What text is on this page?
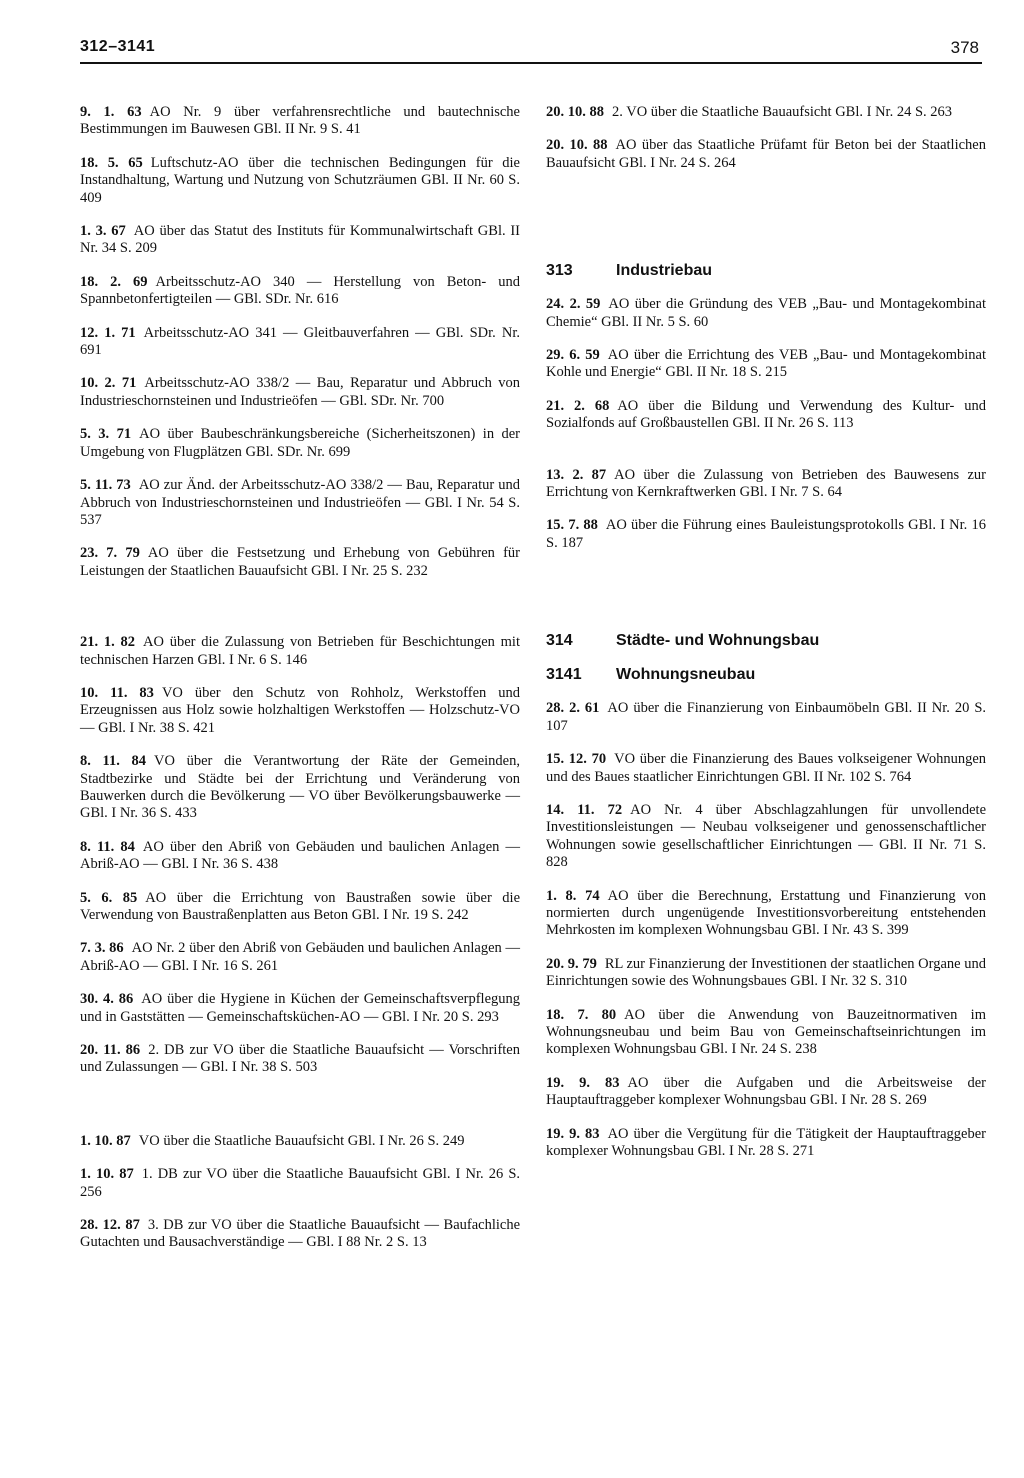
312–3141	378
9. 1. 63 AO Nr. 9 über verfahrensrechtliche und bautechnische Bestimmungen im Bauwesen GBl. II Nr. 9 S. 41
18. 5. 65 Luftschutz-AO über die technischen Bedingungen für die Instandhaltung, Wartung und Nutzung von Schutzräumen GBl. II Nr. 60 S. 409
1. 3. 67 AO über das Statut des Instituts für Kommunalwirtschaft GBl. II Nr. 34 S. 209
18. 2. 69 Arbeitsschutz-AO 340 — Herstellung von Beton- und Spannbetonfertigteilen — GBl. SDr. Nr. 616
12. 1. 71 Arbeitsschutz-AO 341 — Gleitbauverfahren — GBl. SDr. Nr. 691
10. 2. 71 Arbeitsschutz-AO 338/2 — Bau, Reparatur und Abbruch von Industrieschornsteinen und Industrieöfen — GBl. SDr. Nr. 700
5. 3. 71 AO über Baubeschränkungsbereiche (Sicherheitszonen) in der Umgebung von Flugplätzen GBl. SDr. Nr. 699
5. 11. 73 AO zur Änd. der Arbeitsschutz-AO 338/2 — Bau, Reparatur und Abbruch von Industrieschornsteinen und Industrieöfen — GBl. I Nr. 54 S. 537
23. 7. 79 AO über die Festsetzung und Erhebung von Gebühren für Leistungen der Staatlichen Bauaufsicht GBl. I Nr. 25 S. 232
21. 1. 82 AO über die Zulassung von Betrieben für Beschichtungen mit technischen Harzen GBl. I Nr. 6 S. 146
10. 11. 83 VO über den Schutz von Rohholz, Werkstoffen und Erzeugnissen aus Holz sowie holzhaltigen Werkstoffen — Holzschutz-VO — GBl. I Nr. 38 S. 421
8. 11. 84 VO über die Verantwortung der Räte der Gemeinden, Stadtbezirke und Städte bei der Errichtung und Veränderung von Bauwerken durch die Bevölkerung — VO über Bevölkerungsbauwerke — GBl. I Nr. 36 S. 433
8. 11. 84 AO über den Abriß von Gebäuden und baulichen Anlagen — Abriß-AO — GBl. I Nr. 36 S. 438
5. 6. 85 AO über die Errichtung von Baustraßen sowie über die Verwendung von Baustraßenplatten aus Beton GBl. I Nr. 19 S. 242
7. 3. 86 AO Nr. 2 über den Abriß von Gebäuden und baulichen Anlagen — Abriß-AO — GBl. I Nr. 16 S. 261
30. 4. 86 AO über die Hygiene in Küchen der Gemeinschaftsverpflegung und in Gaststätten — Gemeinschaftsküchen-AO — GBl. I Nr. 20 S. 293
20. 11. 86 2. DB zur VO über die Staatliche Bauaufsicht — Vorschriften und Zulassungen — GBl. I Nr. 38 S. 503
1. 10. 87 VO über die Staatliche Bauaufsicht GBl. I Nr. 26 S. 249
1. 10. 87 1. DB zur VO über die Staatliche Bauaufsicht GBl. I Nr. 26 S. 256
28. 12. 87 3. DB zur VO über die Staatliche Bauaufsicht — Baufachliche Gutachten und Bausachverständige — GBl. I 88 Nr. 2 S. 13
20. 10. 88 2. VO über die Staatliche Bauaufsicht GBl. I Nr. 24 S. 263
20. 10. 88 AO über das Staatliche Prüfamt für Beton bei der Staatlichen Bauaufsicht GBl. I Nr. 24 S. 264
313	Industriebau
24. 2. 59 AO über die Gründung des VEB „Bau- und Montagekombinat Chemie“ GBl. II Nr. 5 S. 60
29. 6. 59 AO über die Errichtung des VEB „Bau- und Montagekombinat Kohle und Energie“ GBl. II Nr. 18 S. 215
21. 2. 68 AO über die Bildung und Verwendung des Kultur- und Sozialfonds auf Großbaustellen GBl. II Nr. 26 S. 113
13. 2. 87 AO über die Zulassung von Betrieben des Bauwesens zur Errichtung von Kernkraftwerken GBl. I Nr. 7 S. 64
15. 7. 88 AO über die Führung eines Bauleistungsprotokolls GBl. I Nr. 16 S. 187
314	Städte- und Wohnungsbau
3141 Wohnungsneubau
28. 2. 61 AO über die Finanzierung von Einbaumöbeln GBl. II Nr. 20 S. 107
15. 12. 70 VO über die Finanzierung des Baues volkseigener Wohnungen und des Baues staatlicher Einrichtungen GBl. II Nr. 102 S. 764
14. 11. 72 AO Nr. 4 über Abschlagzahlungen für unvollendete Investitionsleistungen — Neubau volkseigener und genossenschaftlicher Wohnungen sowie gesellschaftlicher Einrichtungen — GBl. II Nr. 71 S. 828
1. 8. 74 AO über die Berechnung, Erstattung und Finanzierung von normierten durch ungenügende Investitionsvorbereitung entstehenden Mehrkosten im komplexen Wohnungsbau GBl. I Nr. 43 S. 399
20. 9. 79 RL zur Finanzierung der Investitionen der staatlichen Organe und Einrichtungen sowie des Wohnungsbaues GBl. I Nr. 32 S. 310
18. 7. 80 AO über die Anwendung von Bauzeitnormativen im Wohnungsneubau und beim Bau von Gemeinschaftseinrichtungen im komplexen Wohnungsbau GBl. I Nr. 24 S. 238
19. 9. 83 AO über die Aufgaben und die Arbeitsweise der Hauptauftraggeber komplexer Wohnungsbau GBl. I Nr. 28 S. 269
19. 9. 83 AO über die Vergütung für die Tätigkeit der Hauptauftraggeber komplexer Wohnungsbau GBl. I Nr. 28 S. 271
